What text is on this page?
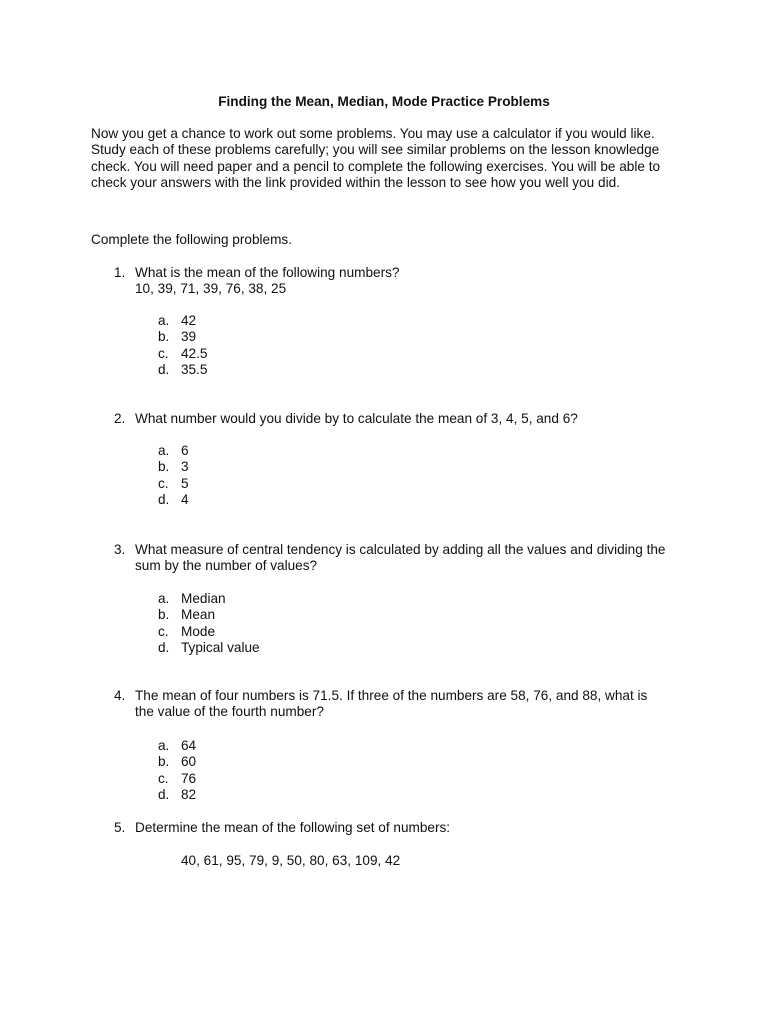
Finding the Mean, Median, Mode Practice Problems
Now you get a chance to work out some problems. You may use a calculator if you would like.
Study each of these problems carefully; you will see similar problems on the lesson knowledge
check. You will need paper and a pencil to complete the following exercises. You will be able to
check your answers with the link provided within the lesson to see how you well you did.
Complete the following problems.
1. What is the mean of the following numbers?
10, 39, 71, 39, 76, 38, 25
a. 42
b. 39
c. 42.5
d. 35.5
2. What number would you divide by to calculate the mean of 3, 4, 5, and 6?
a. 6
b. 3
c. 5
d. 4
3. What measure of central tendency is calculated by adding all the values and dividing the
sum by the number of values?
a. Median
b. Mean
c. Mode
d. Typical value
4. The mean of four numbers is 71.5. If three of the numbers are 58, 76, and 88, what is
the value of the fourth number?
a. 64
b. 60
c. 76
d. 82
5. Determine the mean of the following set of numbers:
40, 61, 95, 79, 9, 50, 80, 63, 109, 42
